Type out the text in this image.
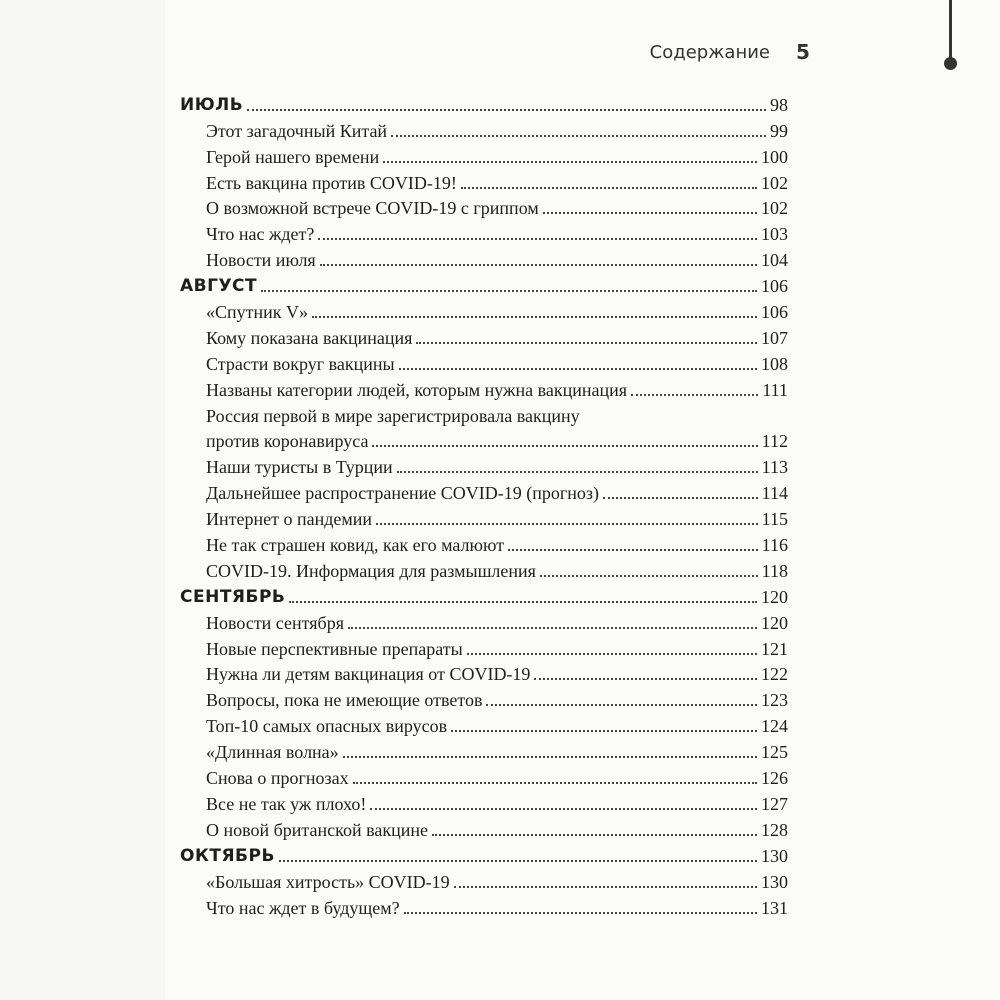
Содержание 5
ИЮЛЬ	98
Этот загадочный Китай	99
Герой нашего времени	100
Есть вакцина против COVID-19!	102
О возможной встрече COVID-19 с гриппом	102
Что нас ждет?	103
Новости июля	104
АВГУСТ	106
«Спутник V»	106
Кому показана вакцинация	107
Страсти вокруг вакцины	108
Названы категории людей, которым нужна вакцинация	111
Россия первой в мире зарегистрировала вакцину
против коронавируса	112
Наши туристы в Турции	113
Дальнейшее распространение COVID-19 (прогноз)	114
Интернет о пандемии	115
Не так страшен ковид, как его малюют	116
COVID-19. Информация для размышления	118
СЕНТЯБРЬ	120
Новости сентября	120
Новые перспективные препараты	121
Нужна ли детям вакцинация от COVID-19	122
Вопросы, пока не имеющие ответов	123
Топ-10 самых опасных вирусов	124
«Длинная волна»	125
Снова о прогнозах	126
Все не так уж плохо!	127
О новой британской вакцине	128
ОКТЯБРЬ	130
«Большая хитрость» COVID-19	130
Что нас ждет в будущем?	131
